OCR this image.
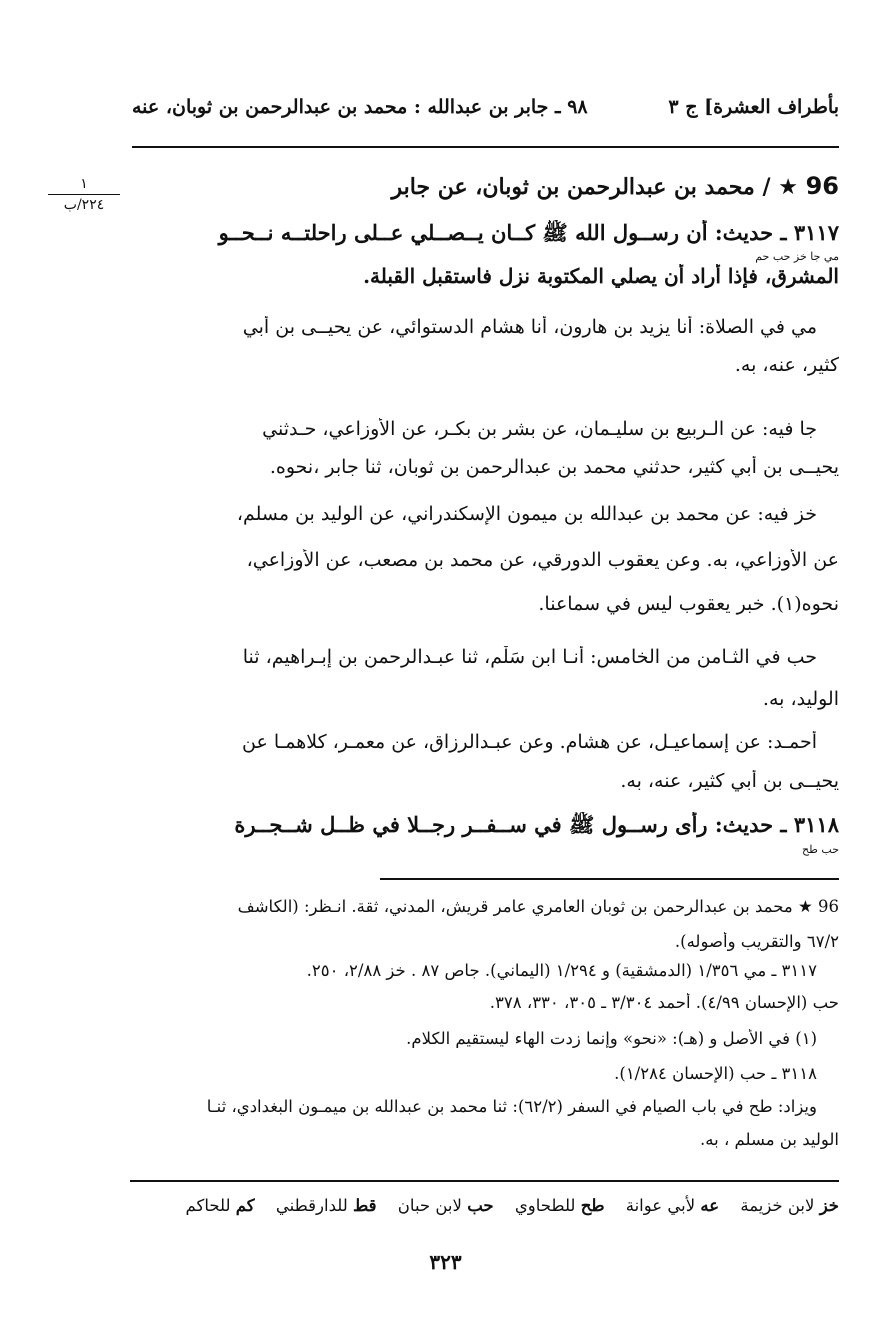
بأطراف العشرة] ج ٣
٩٨ ـ جابر بن عبدالله : محمد بن عبدالرحمن بن ثوبان، عنه
١
٢٢٤/ب
96 ★ / محمد بن عبدالرحمن بن ثوبان، عن جابر
٣١١٧ ـ حديث: أن رســول الله ﷺ كــان يــصــلي عــلى راحلتــه نــحــو
مي جا خز حب حم
المشرق، فإذا أراد أن يصلي المكتوبة نزل فاستقبل القبلة.
مي في الصلاة: أنا يزيد بن هارون، أنا هشام الدستوائي، عن يحيــى بن أبي
كثير، عنه، به.
جا فيه: عن الـربيع بن سليـمان، عن بشر بن بكـر، عن الأوزاعي، حـدثني
يحيــى بن أبي كثير، حدثني محمد بن عبدالرحمن بن ثوبان، ثنا جابر ،نحوه.
خز فيه: عن محمد بن عبدالله بن ميمون الإسكندراني، عن الوليد بن مسلم،
عن الأوزاعي، به. وعن يعقوب الدورقي، عن محمد بن مصعب، عن الأوزاعي،
نحوه(١). خبر يعقوب ليس في سماعنا.
حب في الثـامن من الخامس: أنـا ابن سَلْم، ثنا عبـدالرحمن بن إبـراهيم، ثنا
الوليد، به.
أحمـد: عن إسماعيـل، عن هشام. وعن عبـدالرزاق، عن معمـر، كلاهمـا عن
يحيــى بن أبي كثير، عنه، به.
٣١١٨ ـ حديث: رأى رســول ﷺ في ســفــر رجــلا في ظــل شــجــرة
حب طح
96 ★ محمد بن عبدالرحمن بن ثوبان العامري عامر قريش، المدني، ثقة. انـظر: (الكاشف
٦٧/٢ والتقريب وأصوله).
٣١١٧ ـ مي ١/٣٥٦ (الدمشقية) و ١/٢٩٤ (اليماني). جاص ٨٧ . خز ٢/٨٨، ٢٥٠.
حب (الإحسان ٤/٩٩). أحمد ٣/٣٠٤ ـ ٣٠٥، ٣٣٠، ٣٧٨.
(١) في الأصل و (هـ): «نحو» وإنما زدت الهاء ليستقيم الكلام.
٣١١٨ ـ حب (الإحسان ١/٢٨٤).
ويزاد: طح في باب الصيام في السفر (٦٢/٢): ثنا محمد بن عبدالله بن ميمـون البغدادي، ثنـا
الوليد بن مسلم ، به.
خز لابن خزيمة عه لأبي عوانة طح للطحاوي حب لابن حبان قط للدارقطني كم للحاكم
٣٢٣
